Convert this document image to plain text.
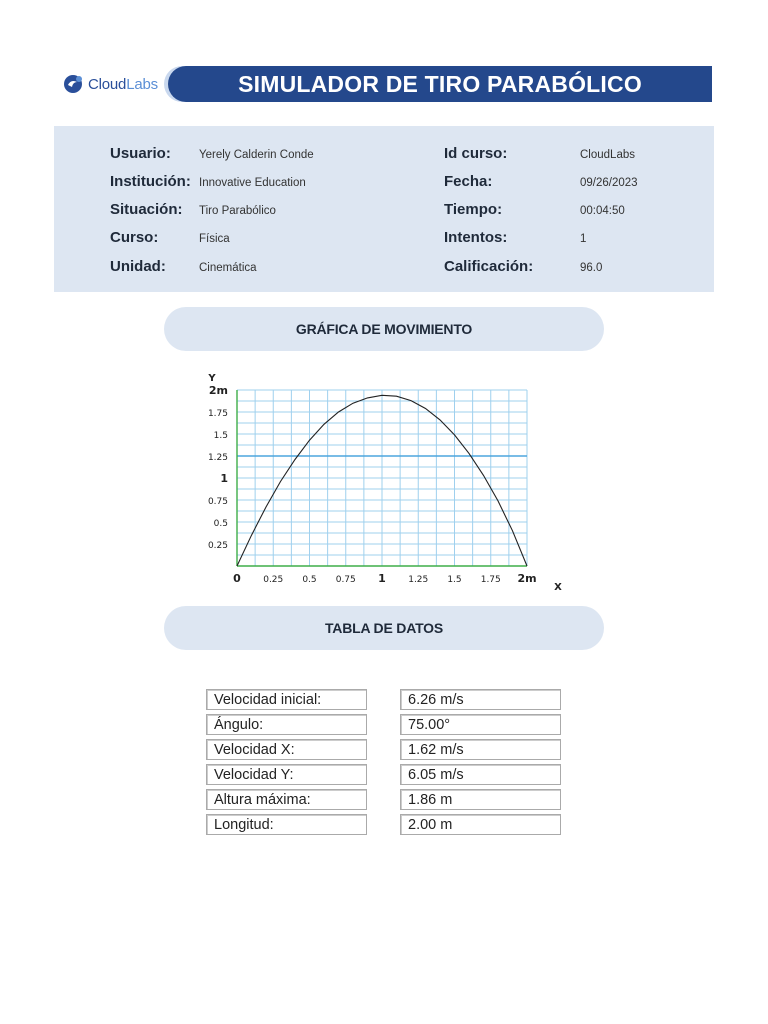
CloudLabs	SIMULADOR DE TIRO PARABÓLICO
Usuario:	Yerely Calderin Conde
Institución: Innovative Education
Situación:	Tiro Parabólico
Curso:	Física
Unidad:	Cinemática
Id curso:	CloudLabs
Fecha:	09/26/2023
Tiempo:	00:04:50
Intentos:	1
Calificación:	96.0
GRÁFICA DE MOVIMIENTO
0 0.25 0.5 0.75 1 1.25 1.5 1.75 2m
0.25
0.5
0.75
1
1.25
1.5
1.75
2m
Y
X
TABLA DE DATOS
Velocidad inicial:	6.26 m/s
Ángulo:	75.00°
Velocidad X:	1.62 m/s
Velocidad Y:	6.05 m/s
Altura máxima:	1.86 m
Longitud:	2.00 m
